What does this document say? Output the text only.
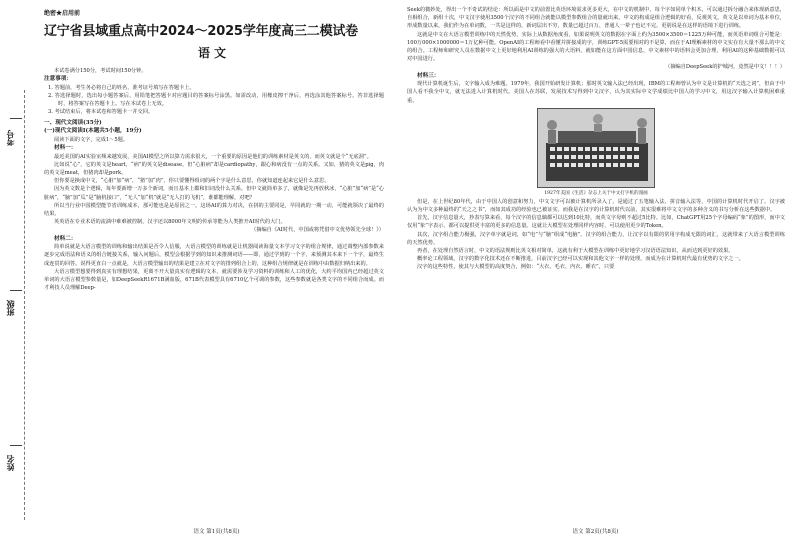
考号
班级
姓名
绝密★启用前
辽宁省县域重点高中2024～2025学年度高三二模试卷
语文
本试卷满分150分，考试时间150分钟。
注意事项：
1. 答题前，考生务必将自己的姓名、准考证号填写在答题卡上。
2. 答选择题时，选出每小题答案后，用铅笔把答题卡对应题目的答案标号涂黑。如需改动，用橡皮擦干净后，再选涂其他答案标号。答非选择题时，将答案写在答题卡上。写在本试卷上无效。
3. 考试结束后，将本试卷和答题卡一并交回。
一、现代文阅读(35分)
(一)现代文阅读Ⅰ(本题共5小题，19分)
阅读下面的文字，完成1～5题。
材料一：
最近美国的AI实验室频来越发展，美国AI模型之所以算力需求很大，一个重要的原因是他们的训练素材是英文的，而英文就是个“无底洞”。
比如说“心”，它的英文是heart，“病”的英文是disease，但“心脏病”却是cardiopathy，跟心和病没有一点的关系。又如，猪的英文是pig，肉的英文是meat，但猪肉却是pork。
但你要是换成中文，“心脏”加“病”，“猪”加“肉”，你只要懂得组词的两个字是什么意思，你就知道连起来它是什么意思。
因为英文数是个逻辑，每年要新增一万多个新词，而且基本上都和旧词没什么关系。但中文就简单多了，就像是先再放秋冰，“心脏”加“病”是“心脏病”，“脑”加“瓜”是“脑机接口”，“无人”加“机”就是“无人打的飞机”，谁都能理解，对吧？
所以当行业中国模型能节省训练成本，那可能也是是原因之一。这场AI的算力对决，在拼的主要同是，早同就的一期一动，可能就领决了最终的结果。
英英语在专业术语的流淌中难难被控制，汉字还以8000年文明的传承等能为人类推开AI时代的大门。
（摘编自《AI时代，中国或将凭借中文优势领先全球！》）
材料二：
简单说就是大语言模型的训练和输出结果是否令人信服，大语言模型的训练就是让机器阅读海量文本学习文字的组合规律，通过调整内部参数来逐步完成语法和语义的组合链接关系，输入问题后，模型会根据学到的知识来推测词语——即，通过学到的一个字，来预测其本来下一个字，最终生成连贯的回答。说得更直白一点就是，大语言模型输出的结果是建立在对文字的排列组合上的，这种组合规律就是在训练中由数据归纳出来的。
大语言模型想要得到真实有理想结果，更离不开大量真实有逻辑的文本，就需要涉及学习资料的训练和人工的优化，大约平均国内已经超过英文单词的大语言模型参数量是，如DeepSeekR1671B满血版，671B代表模型具有6710亿个可调的参数，这些参数就是各类文字的不同组合而成。而才利技人员理解Deep-
语文 第1页(共8页)
Seek的微妙处，得出一个不奇试的结论：所以面是中文的前置比英语环境需求更多更大，在中文的机制中，每个字如同单个积木，可以通过拆分融合来体现新意思，自相组合，新组十次，中文汉字使用3500个汉字的不同组合就能以模型参数组合的量就出来，中文的构成是组合逻辑的好看，反观英文，英文是以单词为基本单位，形成数量以来，我们作为在单词数，一共是这样的，新词层出不穷，数量已超过百万，普通人一辈子也记不完。更别说是在这样的语境下进行训练。
这就是中文在大语言模型训练中的天然优势，实际上从数据角度看，如果说明英文的数据在字面上约为3500×3500＝1225万种可能，而英语单词组合可能是：100万000×1000000＝1万亿种可能。OpenAI的工程师看中看懂并拼接成的字，训练GPT-5需要相对的不是算，而在于AI理解素材的中文实在有大量不那么的中文的组合。工程师和研究人员在数据中文上更好地利用AI训练的强大的大语料，就如能在这方面中国信息，中文素材中的语料会更加合理，利用AI的这种基础数据可以对中国进行。
（摘编自DeepSeek的护城河，竟然是中文！！！）
材料三：
现代计算机诞生后，文字输入成为难题。1979年，我国开始研发计算机；那时英文输入法已经出现，IBM的工程师曾认为中文是计算机的“天选之词”，但由于中国人看不我全中文，就无法进入计算机时代。美国人在苏联，发展技术写得到中文汉字，认为其实际中文学成绩比中国人的学习中文，用这汉字输入计算机困难重重。
1927年美国《生活》杂志上关于中文打字机的漫画
但是，在上世纪80年代，由于中国人的创意和努力，中文文字可以被计算机所录入了，是通过了五笔输入法、拼音输入法等，中国的计算机时代开启了。汉字被认为为中文多种最终的“天之之书”，而如其成功的经验也已被证实。而我是在汉字的计算机时代以前，其实很难将中文文字的多种含义的书写分析在这些数据中。
首先，汉字信息量大，抄表写算来看，每个汉字的信息熵都可以达到10比特，而英文字母则不超过5比特。比如，ChatGPT用25个字母编码“象”的图形，而中文仅用“象”字表示，都可以提供更丰富的更多的信息量。这就让大模型在处理同样内容时，可以使用更少的Token。
其次，汉字组合能力极强，汉字单字就是词，如“电”与“脑”组成“电脑”。汉字的组合能力，让汉字以有限的常用字构成无限的词汇，这就带来了大语言模型训练的天然优势。
再者，在处理自然语言时，中文的语法规则比英文相对简单，这就有利于大模型在训练中更好地学习汉语语法知识，从而达到更好的效果。
概率论工程领域，汉字的数字化技术还在不断推进，目前汉字已经可以实现和其他文字一样的处理，而成为在计算机时代最有优势的文字之一。
汉字的这些特性，使其与大模型的高度契合，例如：“大衣、毛衣、内衣、睡衣”，只要
语文 第2页(共8页)
